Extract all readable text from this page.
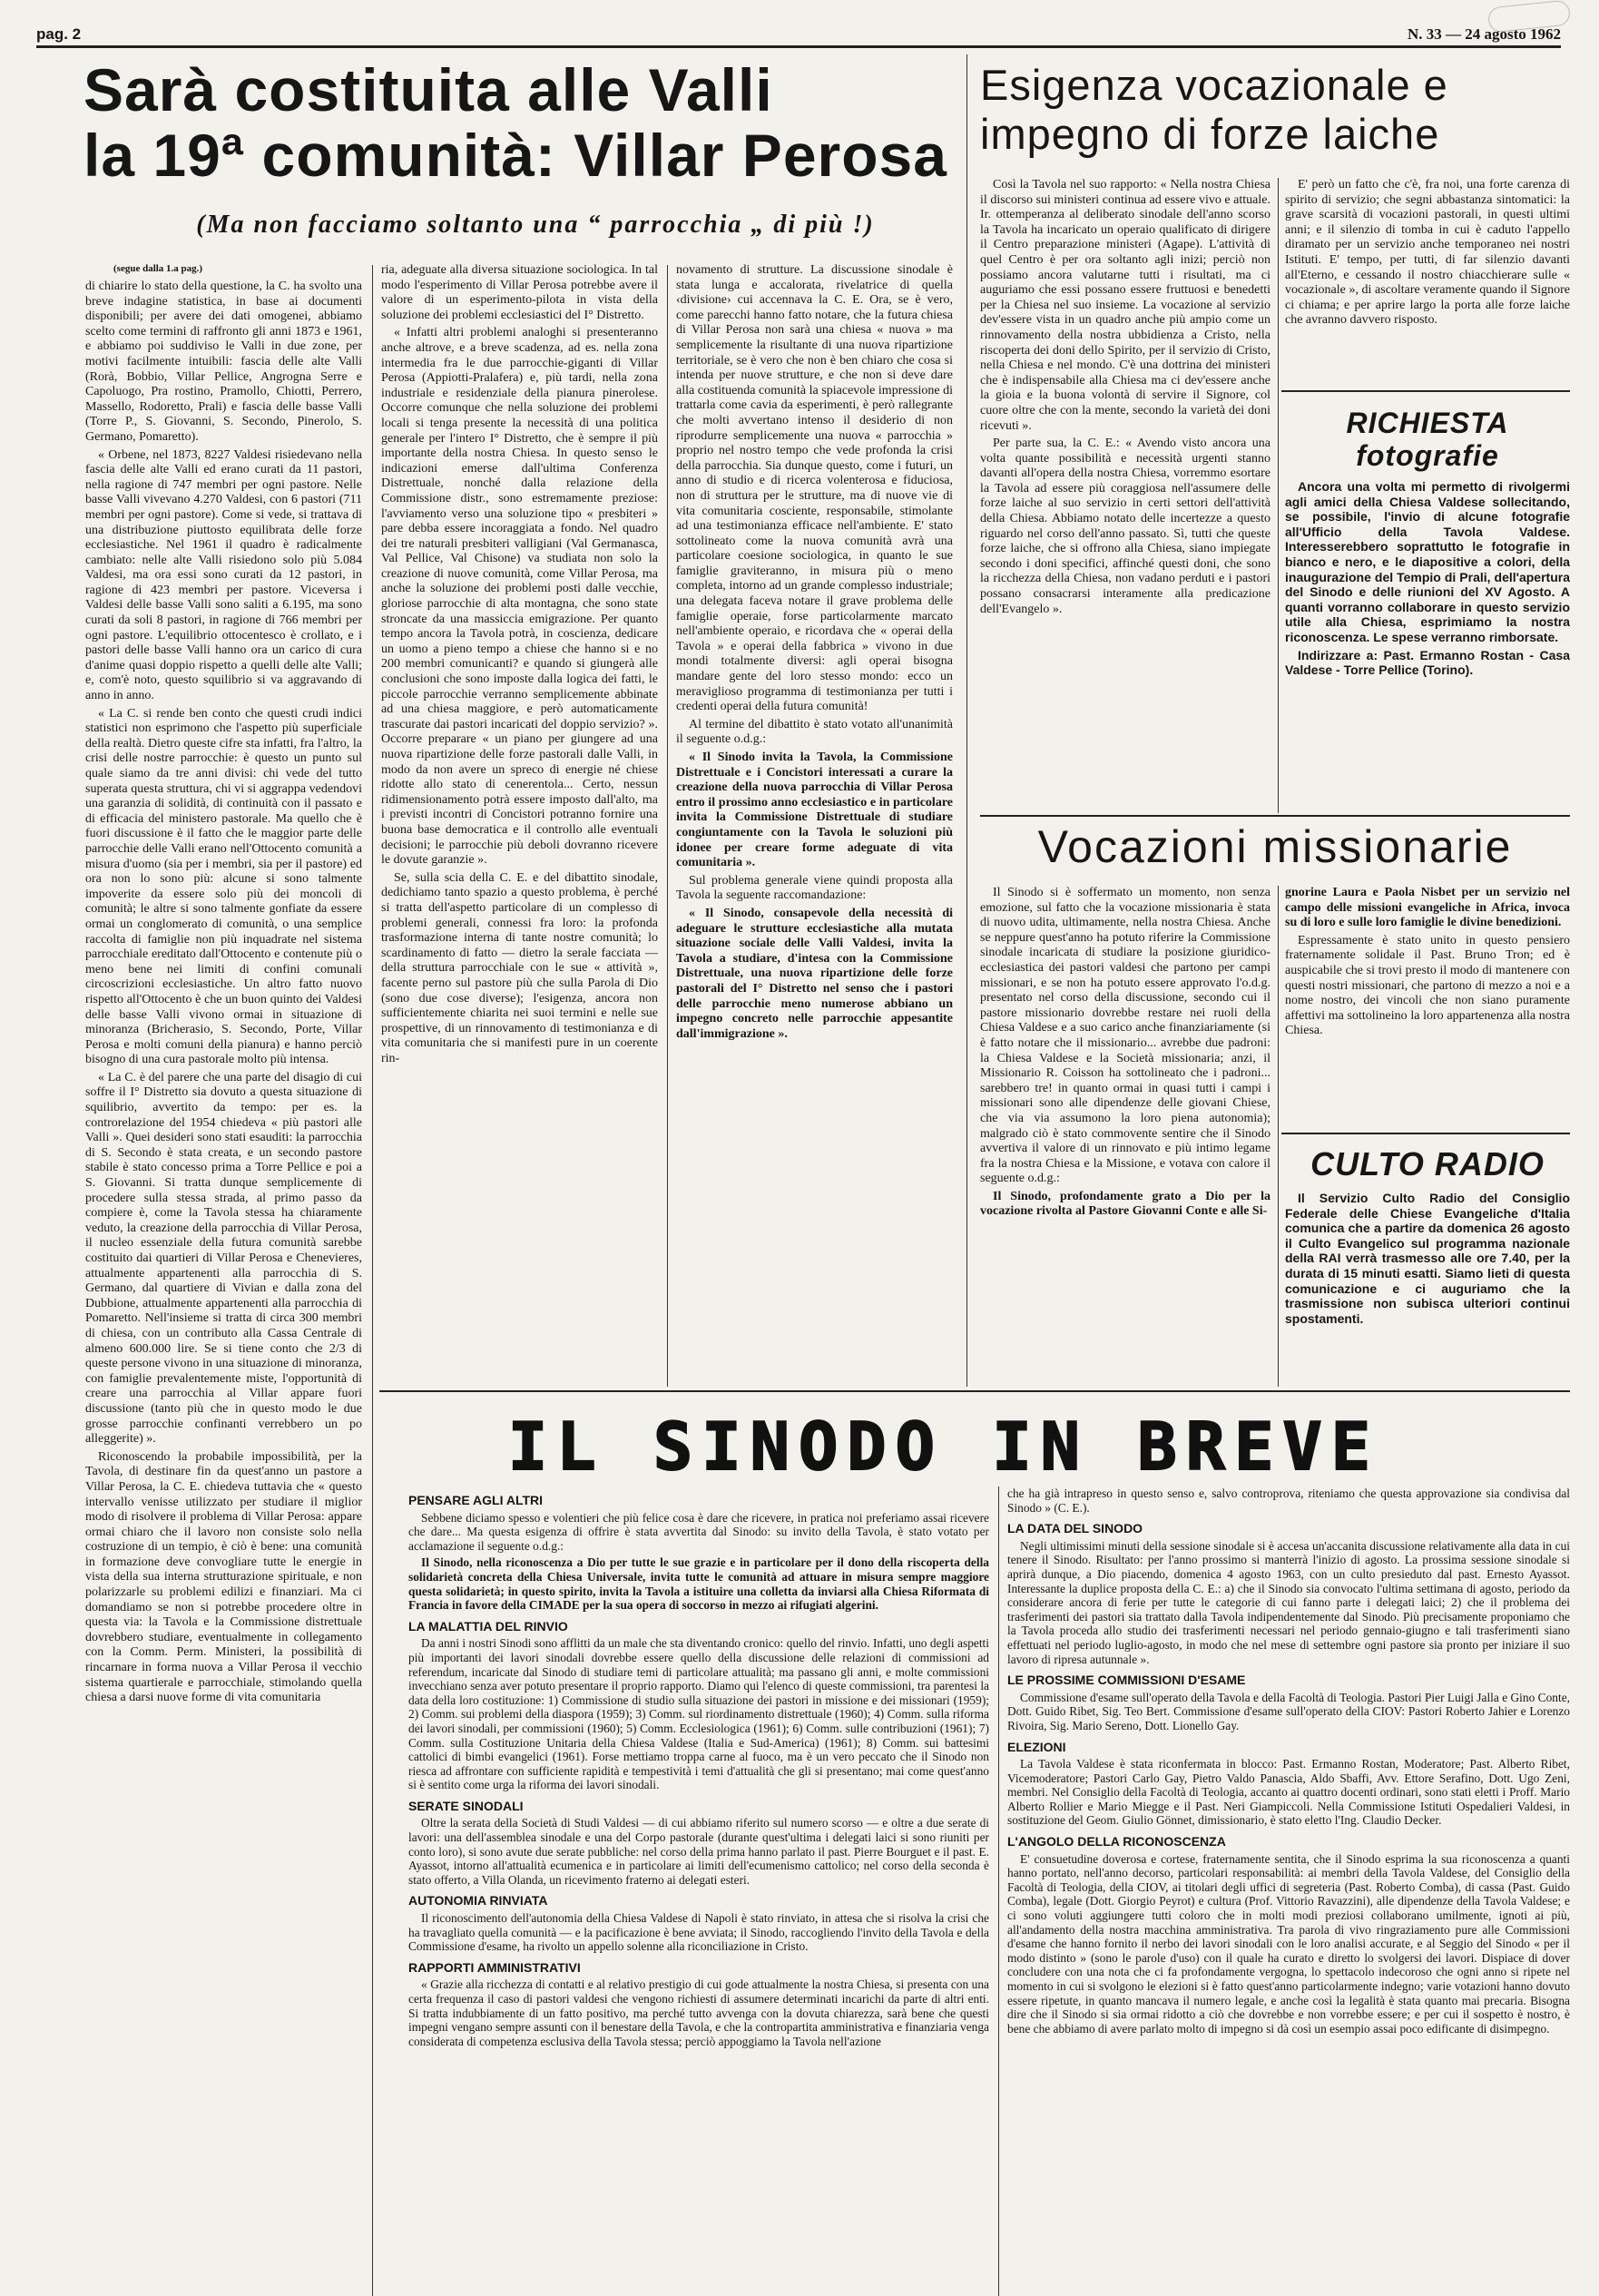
pag. 2	N. 33 — 24 agosto 1962
Sarà costituita alle Valli
la 19ª comunità: Villar Perosa
(Ma non facciamo soltanto una “ parrocchia „ di più !)
(segue dalla 1.a pag.)

di chiarire lo stato della questione, la C. ha svolto una breve indagine statistica, in base ai documenti disponibili; per avere dei dati omogenei, abbiamo scelto come termini di raffronto gli anni 1873 e 1961, e abbiamo poi suddiviso le Valli in due zone, per motivi facilmente intuibili: fascia delle alte Valli (Rorà, Bobbio, Villar Pellice, Angrogna Serre e Capoluogo, Pra rostino, Pramollo, Chiotti, Perrero, Massello, Rodoretto, Prali) e fascia delle basse Valli (Torre P., S. Giovanni, S. Secondo, Pinerolo, S. Germano, Pomaretto).

« Orbene, nel 1873, 8227 Valdesi risiedevano nella fascia delle alte Valli ed erano curati da 11 pastori, nella ragione di 747 membri per ogni pastore. Nelle basse Valli vivevano 4.270 Valdesi, con 6 pastori (711 membri per ogni pastore). Come si vede, si trattava di una distribuzione piuttosto equilibrata delle forze ecclesiastiche. Nel 1961 il quadro è radicalmente cambiato: nelle alte Valli risiedono solo più 5.084 Valdesi, ma ora essi sono curati da 12 pastori, in ragione di 423 membri per pastore. Viceversa i Valdesi delle basse Valli sono saliti a 6.195, ma sono curati da soli 8 pastori, in ragione di 766 membri per ogni pastore. L'equilibrio ottocentesco è crollato, e i pastori delle basse Valli hanno ora un carico di cura d'anime quasi doppio rispetto a quelli delle alte Valli; e, com'è noto, questo squilibrio si va aggravando di anno in anno.

« La C. si rende ben conto che questi crudi indici statistici non esprimono che l'aspetto più superficiale della realtà. Dietro queste cifre sta infatti, fra l'altro, la crisi delle nostre parrocchie: è questo un punto sul quale siamo da tre anni divisi: chi vede del tutto superata questa struttura, chi vi si aggrappa vedendovi una garanzia di solidità, di continuità con il passato e di efficacia del ministero pastorale. Ma quello che è fuori discussione è il fatto che le maggior parte delle parrocchie delle Valli erano nell'Ottocento comunità a misura d'uomo (sia per i membri, sia per il pastore) ed ora non lo sono più: alcune si sono talmente impoverite da essere solo più dei moncoli di comunità; le altre si sono talmente gonfiate da essere ormai un conglomerato di comunità, o una semplice raccolta di famiglie non più inquadrate nel sistema parrocchiale ereditato dall'Ottocento e contenute più o meno bene nei limiti di confini comunali circoscrizioni ecclesiastiche. Un altro fatto nuovo rispetto all'Ottocento è che un buon quinto dei Valdesi delle basse Valli vivono ormai in situazione di minoranza (Bricherasio, S. Secondo, Porte, Villar Perosa e molti comuni della pianura) e hanno perciò bisogno di una cura pastorale molto più intensa.

« La C. è del parere che una parte del disagio di cui soffre il I° Distretto sia dovuto a questa situazione di squilibrio, avvertito da tempo: per es. la controrelazione del 1954 chiedeva « più pastori alle Valli ». Quei desideri sono stati esauditi: la parrocchia di S. Secondo è stata creata, e un secondo pastore stabile è stato concesso prima a Torre Pellice e poi a S. Giovanni. Si tratta dunque semplicemente di procedere sulla stessa strada, al primo passo da compiere è, come la Tavola stessa ha chiaramente veduto, la creazione della parrocchia di Villar Perosa, il nucleo essenziale della futura comunità sarebbe costituito dai quartieri di Villar Perosa e Chenevieres, attualmente appartenenti alla parrocchia di S. Germano, dal quartiere di Vivian e dalla zona del Dubbione, attualmente appartenenti alla parrocchia di Pomaretto. Nell'insieme si tratta di circa 300 membri di chiesa, con un contributo alla Cassa Centrale di almeno 600.000 lire. Se si tiene conto che 2/3 di queste persone vivono in una situazione di minoranza, con famiglie prevalentemente miste, l'opportunità di creare una parrocchia al Villar appare fuori discussione (tanto più che in questo modo le due grosse parrocchie confinanti verrebbero un po alleggerite) ».

Riconoscendo la probabile impossibilità, per la Tavola, di destinare fin da quest'anno un pastore a Villar Perosa, la C. E. chiedeva tuttavia che « questo intervallo venisse utilizzato per studiare il miglior modo di risolvere il problema di Villar Perosa: appare ormai chiaro che il lavoro non consiste solo nella costruzione di un tempio, è ciò è bene: una comunità in formazione deve convogliare tutte le energie in vista della sua interna strutturazione spirituale, e non polarizzarle su problemi edilizi e finanziari. Ma ci domandiamo se non si potrebbe procedere oltre in questa via: la Tavola e la Commissione distrettuale dovrebbero studiare, eventualmente in collegamento con la Comm. Perm. Ministeri, la possibilità di rincarnare in forma nuova a Villar Perosa il vecchio sistema quartierale e parrocchiale, stimolando quella chiesa a darsi nuove forme di vita comunitaria

ria, adeguate alla diversa situazione sociologica. In tal modo l'esperimento di Villar Perosa potrebbe avere il valore di un esperimento-pilota in vista della soluzione dei problemi ecclesiastici del I° Distretto.

« Infatti altri problemi analoghi si presenteranno anche altrove, e a breve scadenza, ad es. nella zona intermedia fra le due parrocchie-giganti di Villar Perosa (Appiotti-Pralafera) e, più tardi, nella zona industriale e residenziale della pianura pinerolese. Occorre comunque che nella soluzione dei problemi locali si tenga presente la necessità di una politica generale per l'intero I° Distretto, che è sempre il più importante della nostra Chiesa. In questo senso le indicazioni emerse dall'ultima Conferenza Distrettuale, nonché dalla relazione della Commissione distr., sono estremamente preziose: l'avviamento verso una soluzione tipo « presbiteri » pare debba essere incoraggiata a fondo. Nel quadro dei tre naturali presbiteri valligiani (Val Germanasca, Val Pellice, Val Chisone) va studiata non solo la creazione di nuove comunità, come Villar Perosa, ma anche la soluzione dei problemi posti dalle vecchie, gloriose parrocchie di alta montagna, che sono state stroncate da una massiccia emigrazione. Per quanto tempo ancora la Tavola potrà, in coscienza, dedicare un uomo a pieno tempo a chiese che hanno si e no 200 membri comunicanti? e quando si giungerà alle conclusioni che sono imposte dalla logica dei fatti, le piccole parrocchie verranno semplicemente abbinate ad una chiesa maggiore, e però automaticamente trascurate dai pastori incaricati del doppio servizio? ». Occorre preparare « un piano per giungere ad una nuova ripartizione delle forze pastorali dalle Valli, in modo da non avere un spreco di energie né chiese ridotte allo stato di cenerentola... Certo, nessun ridimensionamento potrà essere imposto dall'alto, ma i previsti incontri di Concistori potranno fornire una buona base democratica e il controllo alle eventuali decisioni; le parrocchie più deboli dovranno ricevere le dovute garanzie ».

Se, sulla scia della C. E. e del dibattito sinodale, dedichiamo tanto spazio a questo problema, è perché si tratta dell'aspetto particolare di un complesso di problemi generali, connessi fra loro: la profonda trasformazione interna di tante nostre comunità; lo scardinamento di fatto — dietro la serale facciata — della struttura parrocchiale con le sue « attività », facente perno sul pastore più che sulla Parola di Dio (sono due cose diverse); l'esigenza, ancora non sufficientemente chiarita nei suoi termini e nelle sue prospettive, di un rinnovamento di testimonianza e di vita comunitaria che si manifesti pure in un coerente rin-

novamento di strutture. La discussione sinodale è stata lunga e accalorata, rivelatrice di quella ‹divisione› cui accennava la C. E. Ora, se è vero, come parecchi hanno fatto notare, che la futura chiesa di Villar Perosa non sarà una chiesa « nuova » ma semplicemente la risultante di una nuova ripartizione territoriale, se è vero che non è ben chiaro che cosa si intenda per nuove strutture, e che non si deve dare alla costituenda comunità la spiacevole impressione di trattarla come cavia da esperimenti, è però rallegrante che molti avvertano intenso il desiderio di non riprodurre semplicemente una nuova « parrocchia » proprio nel nostro tempo che vede profonda la crisi della parrocchia. Sia dunque questo, come i futuri, un anno di studio e di ricerca volenterosa e fiduciosa, non di struttura per le strutture, ma di nuove vie di vita comunitaria cosciente, responsabile, stimolante ad una testimonianza efficace nell'ambiente. E' stato sottolineato come la nuova comunità avrà una particolare coesione sociologica, in quanto le sue famiglie graviteranno, in misura più o meno completa, intorno ad un grande complesso industriale; una delegata faceva notare il grave problema delle famiglie operaie, forse particolarmente marcato nell'ambiente operaio, e ricordava che « operai della Tavola » e operai della fabbrica » vivono in due mondi totalmente diversi: agli operai bisogna mandare gente del loro stesso mondo: ecco un meraviglioso programma di testimonianza per tutti i credenti operai della futura comunità!

Al termine del dibattito è stato votato all'unanimità il seguente o.d.g.:

« Il Sinodo invita la Tavola, la Commissione Distrettuale e i Concistori interessati a curare la creazione della nuova parrocchia di Villar Perosa entro il prossimo anno ecclesiastico e in particolare invita la Commissione Distrettuale di studiare congiuntamente con la Tavola le soluzioni più idonee per creare forme adeguate di vita comunitaria ».

Sul problema generale viene quindi proposta alla Tavola la seguente raccomandazione:

« Il Sinodo, consapevole della necessità di adeguare le strutture ecclesiastiche alla mutata situazione sociale delle Valli Valdesi, invita la Tavola a studiare, d'intesa con la Commissione Distrettuale, una nuova ripartizione delle forze pastorali del I° Distretto nel senso che i pastori delle parrocchie meno numerose abbiano un impegno concreto nelle parrocchie appesantite dall'immigrazione ».

Esigenza vocazionale e
impegno di forze laiche

Così la Tavola nel suo rapporto: « Nella nostra Chiesa il discorso sui ministeri continua ad essere vivo e attuale. Ir. ottemperanza al deliberato sinodale dell'anno scorso la Tavola ha incaricato un operaio qualificato di dirigere il Centro preparazione ministeri (Agape). L'attività di quel Centro è per ora soltanto agli inizi; perciò non possiamo ancora valutarne tutti i risultati, ma ci auguriamo che essi possano essere fruttuosi e benedetti per la Chiesa nel suo insieme. La vocazione al servizio dev'essere vista in un quadro anche più ampio come un rinnovamento della nostra ubbidienza a Cristo, nella riscoperta dei doni dello Spirito, per il servizio di Cristo, nella Chiesa e nel mondo. C'è una dottrina dei ministeri che è indispensabile alla Chiesa ma ci dev'essere anche la gioia e la buona volontà di servire il Signore, col cuore oltre che con la mente, secondo la varietà dei doni ricevuti ».

Per parte sua, la C. E.: « Avendo visto ancora una volta quante possibilità e necessità urgenti stanno davanti all'opera della nostra Chiesa, vorremmo esortare la Tavola ad essere più coraggiosa nell'assumere delle forze laiche al suo servizio in certi settori dell'attività della Chiesa. Abbiamo notato delle incertezze a questo riguardo nel corso dell'anno passato. Sì, tutti che queste forze laiche, che si offrono alla Chiesa, siano impiegate secondo i doni specifici, affinché questi doni, che sono la ricchezza della Chiesa, non vadano perduti e i pastori possano consacrarsi interamente alla predicazione dell'Evangelo ».

E' però un fatto che c'è, fra noi, una forte carenza di spirito di servizio; che segni abbastanza sintomatici: la grave scarsità di vocazioni pastorali, in questi ultimi anni; e il silenzio di tomba in cui è caduto l'appello diramato per un servizio anche temporaneo nei nostri Istituti. E' tempo, per tutti, di far silenzio davanti all'Eterno, e cessando il nostro chiacchierare sulle « vocazionale », di ascoltare veramente quando il Signore ci chiama; e per aprire largo la porta alle forze laiche che avranno davvero risposto.

RICHIESTA
fotografie

Ancora una volta mi permetto di rivolgermi agli amici della Chiesa Valdese sollecitando, se possibile, l'invio di alcune fotografie all'Ufficio della Tavola Valdese. Interesserebbero soprattutto le fotografie in bianco e nero, e le diapositive a colori, della inaugurazione del Tempio di Prali, dell'apertura del Sinodo e delle riunioni del XV Agosto. A quanti vorranno collaborare in questo servizio utile alla Chiesa, esprimiamo la nostra riconoscenza. Le spese verranno rimborsate.

Indirizzare a: Past. Ermanno Rostan - Casa Valdese - Torre Pellice (Torino).

Vocazioni missionarie

Il Sinodo si è soffermato un momento, non senza emozione, sul fatto che la vocazione missionaria è stata di nuovo udita, ultimamente, nella nostra Chiesa. Anche se neppure quest'anno ha potuto riferire la Commissione sinodale incaricata di studiare la posizione giuridico-ecclesiastica dei pastori valdesi che partono per campi missionari, e se non ha potuto essere approvato l'o.d.g. presentato nel corso della discussione, secondo cui il pastore missionario dovrebbe restare nei ruoli della Chiesa Valdese e a suo carico anche finanziariamente (si è fatto notare che il missionario... avrebbe due padroni: la Chiesa Valdese e la Società missionaria; anzi, il Missionario R. Coisson ha sottolineato che i padroni... sarebbero tre! in quanto ormai in quasi tutti i campi i missionari sono alle dipendenze delle giovani Chiese, che via via assumono la loro piena autonomia); malgrado ciò è stato commovente sentire che il Sinodo avvertiva il valore di un rinnovato e più intimo legame fra la nostra Chiesa e la Missione, e votava con calore il seguente o.d.g.:

Il Sinodo, profondamente grato a Dio per la vocazione rivolta al Pastore Giovanni Conte e alle Si-

gnorine Laura e Paola Nisbet per un servizio nel campo delle missioni evangeliche in Africa, invoca su di loro e sulle loro famiglie le divine benedizioni.

Espressamente è stato unito in questo pensiero fraternamente solidale il Past. Bruno Tron; ed è auspicabile che si trovi presto il modo di mantenere con questi nostri missionari, che partono di mezzo a noi e a nome nostro, dei vincoli che non siano puramente affettivi ma sottolineino la loro appartenenza alla nostra Chiesa.

CULTO RADIO

Il Servizio Culto Radio del Consiglio Federale delle Chiese Evangeliche d'Italia comunica che a partire da domenica 26 agosto il Culto Evangelico sul programma nazionale della RAI verrà trasmesso alle ore 7.40, per la durata di 15 minuti esatti. Siamo lieti di questa comunicazione e ci auguriamo che la trasmissione non subisca ulteriori continui spostamenti.

IL SINODO IN BREVE
PENSARE AGLI ALTRI

Sebbene diciamo spesso e volentieri che più felice cosa è dare che ricevere, in pratica noi preferiamo assai ricevere che dare... Ma questa esigenza di offrire è stata avvertita dal Sinodo: su invito della Tavola, è stato votato per acclamazione il seguente o.d.g.:

Il Sinodo, nella riconoscenza a Dio per tutte le sue grazie e in particolare per il dono della riscoperta della solidarietà concreta della Chiesa Universale, invita tutte le comunità ad attuare in misura sempre maggiore questa solidarietà; in questo spirito, invita la Tavola a istituire una colletta da inviarsi alla Chiesa Riformata di Francia in favore della CIMADE per la sua opera di soccorso in mezzo ai rifugiati algerini.

LA MALATTIA DEL RINVIO

Da anni i nostri Sinodi sono afflitti da un male che sta diventando cronico: quello del rinvio. Infatti, uno degli aspetti più importanti dei lavori sinodali dovrebbe essere quello della discussione delle relazioni di commissioni ad referendum, incaricate dal Sinodo di studiare temi di particolare attualità; ma passano gli anni, e molte commissioni invecchiano senza aver potuto presentare il proprio rapporto. Diamo qui l'elenco di queste commissioni, tra parentesi la data della loro costituzione: 1) Commissione di studio sulla situazione dei pastori in missione e dei missionari (1959); 2) Comm. sui problemi della diaspora (1959); 3) Comm. sul riordinamento distrettuale (1960); 4) Comm. sulla riforma dei lavori sinodali, per commissioni (1960); 5) Comm. Ecclesiologica (1961); 6) Comm. sulle contribuzioni (1961); 7) Comm. sulla Costituzione Unitaria della Chiesa Valdese (Italia e Sud-America) (1961); 8) Comm. sui battesimi cattolici di bimbi evangelici (1961). Forse mettiamo troppa carne al fuoco, ma è un vero peccato che il Sinodo non riesca ad affrontare con sufficiente rapidità e tempestività i temi d'attualità che gli si presentano; mai come quest'anno si è sentito come urga la riforma dei lavori sinodali.

SERATE SINODALI

Oltre la serata della Società di Studi Valdesi — di cui abbiamo riferito sul numero scorso — e oltre a due serate di lavori: una dell'assemblea sinodale e una del Corpo pastorale (durante quest'ultima i delegati laici si sono riuniti per conto loro), si sono avute due serate pubbliche: nel corso della prima hanno parlato il past. Pierre Bourguet e il past. E. Ayassot, intorno all'attualità ecumenica e in particolare ai limiti dell'ecumenismo cattolico; nel corso della seconda è stato offerto, a Villa Olanda, un ricevimento fraterno ai delegati esteri.

AUTONOMIA RINVIATA

Il riconoscimento dell'autonomia della Chiesa Valdese di Napoli è stato rinviato, in attesa che si risolva la crisi che ha travagliato quella comunità — e la pacificazione è bene avviata; il Sinodo, raccogliendo l'invito della Tavola e della Commissione d'esame, ha rivolto un appello solenne alla riconciliazione in Cristo.

RAPPORTI AMMINISTRATIVI

« Grazie alla ricchezza di contatti e al relativo prestigio di cui gode attualmente la nostra Chiesa, si presenta con una certa frequenza il caso di pastori valdesi che vengono richiesti di assumere determinati incarichi da parte di altri enti. Si tratta indubbiamente di un fatto positivo, ma perché tutto avvenga con la dovuta chiarezza, sarà bene che questi impegni vengano sempre assunti con il benestare della Tavola, e che la contropartita amministrativa e finanziaria venga considerata di competenza esclusiva della Tavola stessa; perciò appoggiamo la Tavola nell'azione

che ha già intrapreso in questo senso e, salvo controprova, riteniamo che questa approvazione sia condivisa dal Sinodo » (C. E.).

LA DATA DEL SINODO

Negli ultimissimi minuti della sessione sinodale si è accesa un'accanita discussione relativamente alla data in cui tenere il Sinodo. Risultato: per l'anno prossimo si manterrà l'inizio di agosto. La prossima sessione sinodale si aprirà dunque, a Dio piacendo, domenica 4 agosto 1963, con un culto presieduto dal past. Ernesto Ayassot. Interessante la duplice proposta della C. E.: a) che il Sinodo sia convocato l'ultima settimana di agosto, periodo da considerare ancora di ferie per tutte le categorie di cui fanno parte i delegati laici; 2) che il problema dei trasferimenti dei pastori sia trattato dalla Tavola indipendentemente dal Sinodo. Più precisamente proponiamo che la Tavola proceda allo studio dei trasferimenti necessari nel periodo gennaio-giugno e tali trasferimenti siano effettuati nel periodo luglio-agosto, in modo che nel mese di settembre ogni pastore sia pronto per iniziare il suo lavoro di ripresa autunnale ».

LE PROSSIME COMMISSIONI D'ESAME

Commissione d'esame sull'operato della Tavola e della Facoltà di Teologia. Pastori Pier Luigi Jalla e Gino Conte, Dott. Guido Ribet, Sig. Teo Bert. Commissione d'esame sull'operato della CIOV: Pastori Roberto Jahier e Lorenzo Rivoira, Sig. Mario Sereno, Dott. Lionello Gay.

ELEZIONI

La Tavola Valdese è stata riconfermata in blocco: Past. Ermanno Rostan, Moderatore; Past. Alberto Ribet, Vicemoderatore; Pastori Carlo Gay, Pietro Valdo Panascia, Aldo Sbaffi, Avv. Ettore Serafino, Dott. Ugo Zeni, membri. Nel Consiglio della Facoltà di Teologia, accanto ai quattro docenti ordinari, sono stati eletti i Proff. Mario Alberto Rollier e Mario Miegge e il Past. Neri Giampiccoli. Nella Commissione Istituti Ospedalieri Valdesi, in sostituzione del Geom. Giulio Gönnet, dimissionario, è stato eletto l'Ing. Claudio Decker.

L'ANGOLO DELLA RICONOSCENZA

E' consuetudine doverosa e cortese, fraternamente sentita, che il Sinodo esprima la sua riconoscenza a quanti hanno portato, nell'anno decorso, particolari responsabilità: ai membri della Tavola Valdese, del Consiglio della Facoltà di Teologia, della CIOV, ai titolari degli uffici di segreteria (Past. Roberto Comba), di cassa (Past. Guido Comba), legale (Dott. Giorgio Peyrot) e cultura (Prof. Vittorio Ravazzini), alle dipendenze della Tavola Valdese; e ci sono voluti aggiungere tutti coloro che in molti modi preziosi collaborano umilmente, ignoti ai più, all'andamento della nostra macchina amministrativa. Tra parola di vivo ringraziamento pure alle Commissioni d'esame che hanno fornito il nerbo dei lavori sinodali con le loro analisi accurate, e al Seggio del Sinodo « per il modo distinto » (sono le parole d'uso) con il quale ha curato e diretto lo svolgersi dei lavori. Dispiace di dover concludere con una nota che ci fa profondamente vergogna, lo spettacolo indecoroso che ogni anno si ripete nel momento in cui si svolgono le elezioni si è fatto quest'anno particolarmente indegno; varie votazioni hanno dovuto essere ripetute, in quanto mancava il numero legale, e anche così la legalità è stata quanto mai precaria. Bisogna dire che il Sinodo si sia ormai ridotto a ciò che dovrebbe e non vorrebbe essere; e per cui il sospetto è nostro, è bene che abbiamo di avere parlato molto di impegno si dà così un esempio assai poco edificante di disimpegno.
